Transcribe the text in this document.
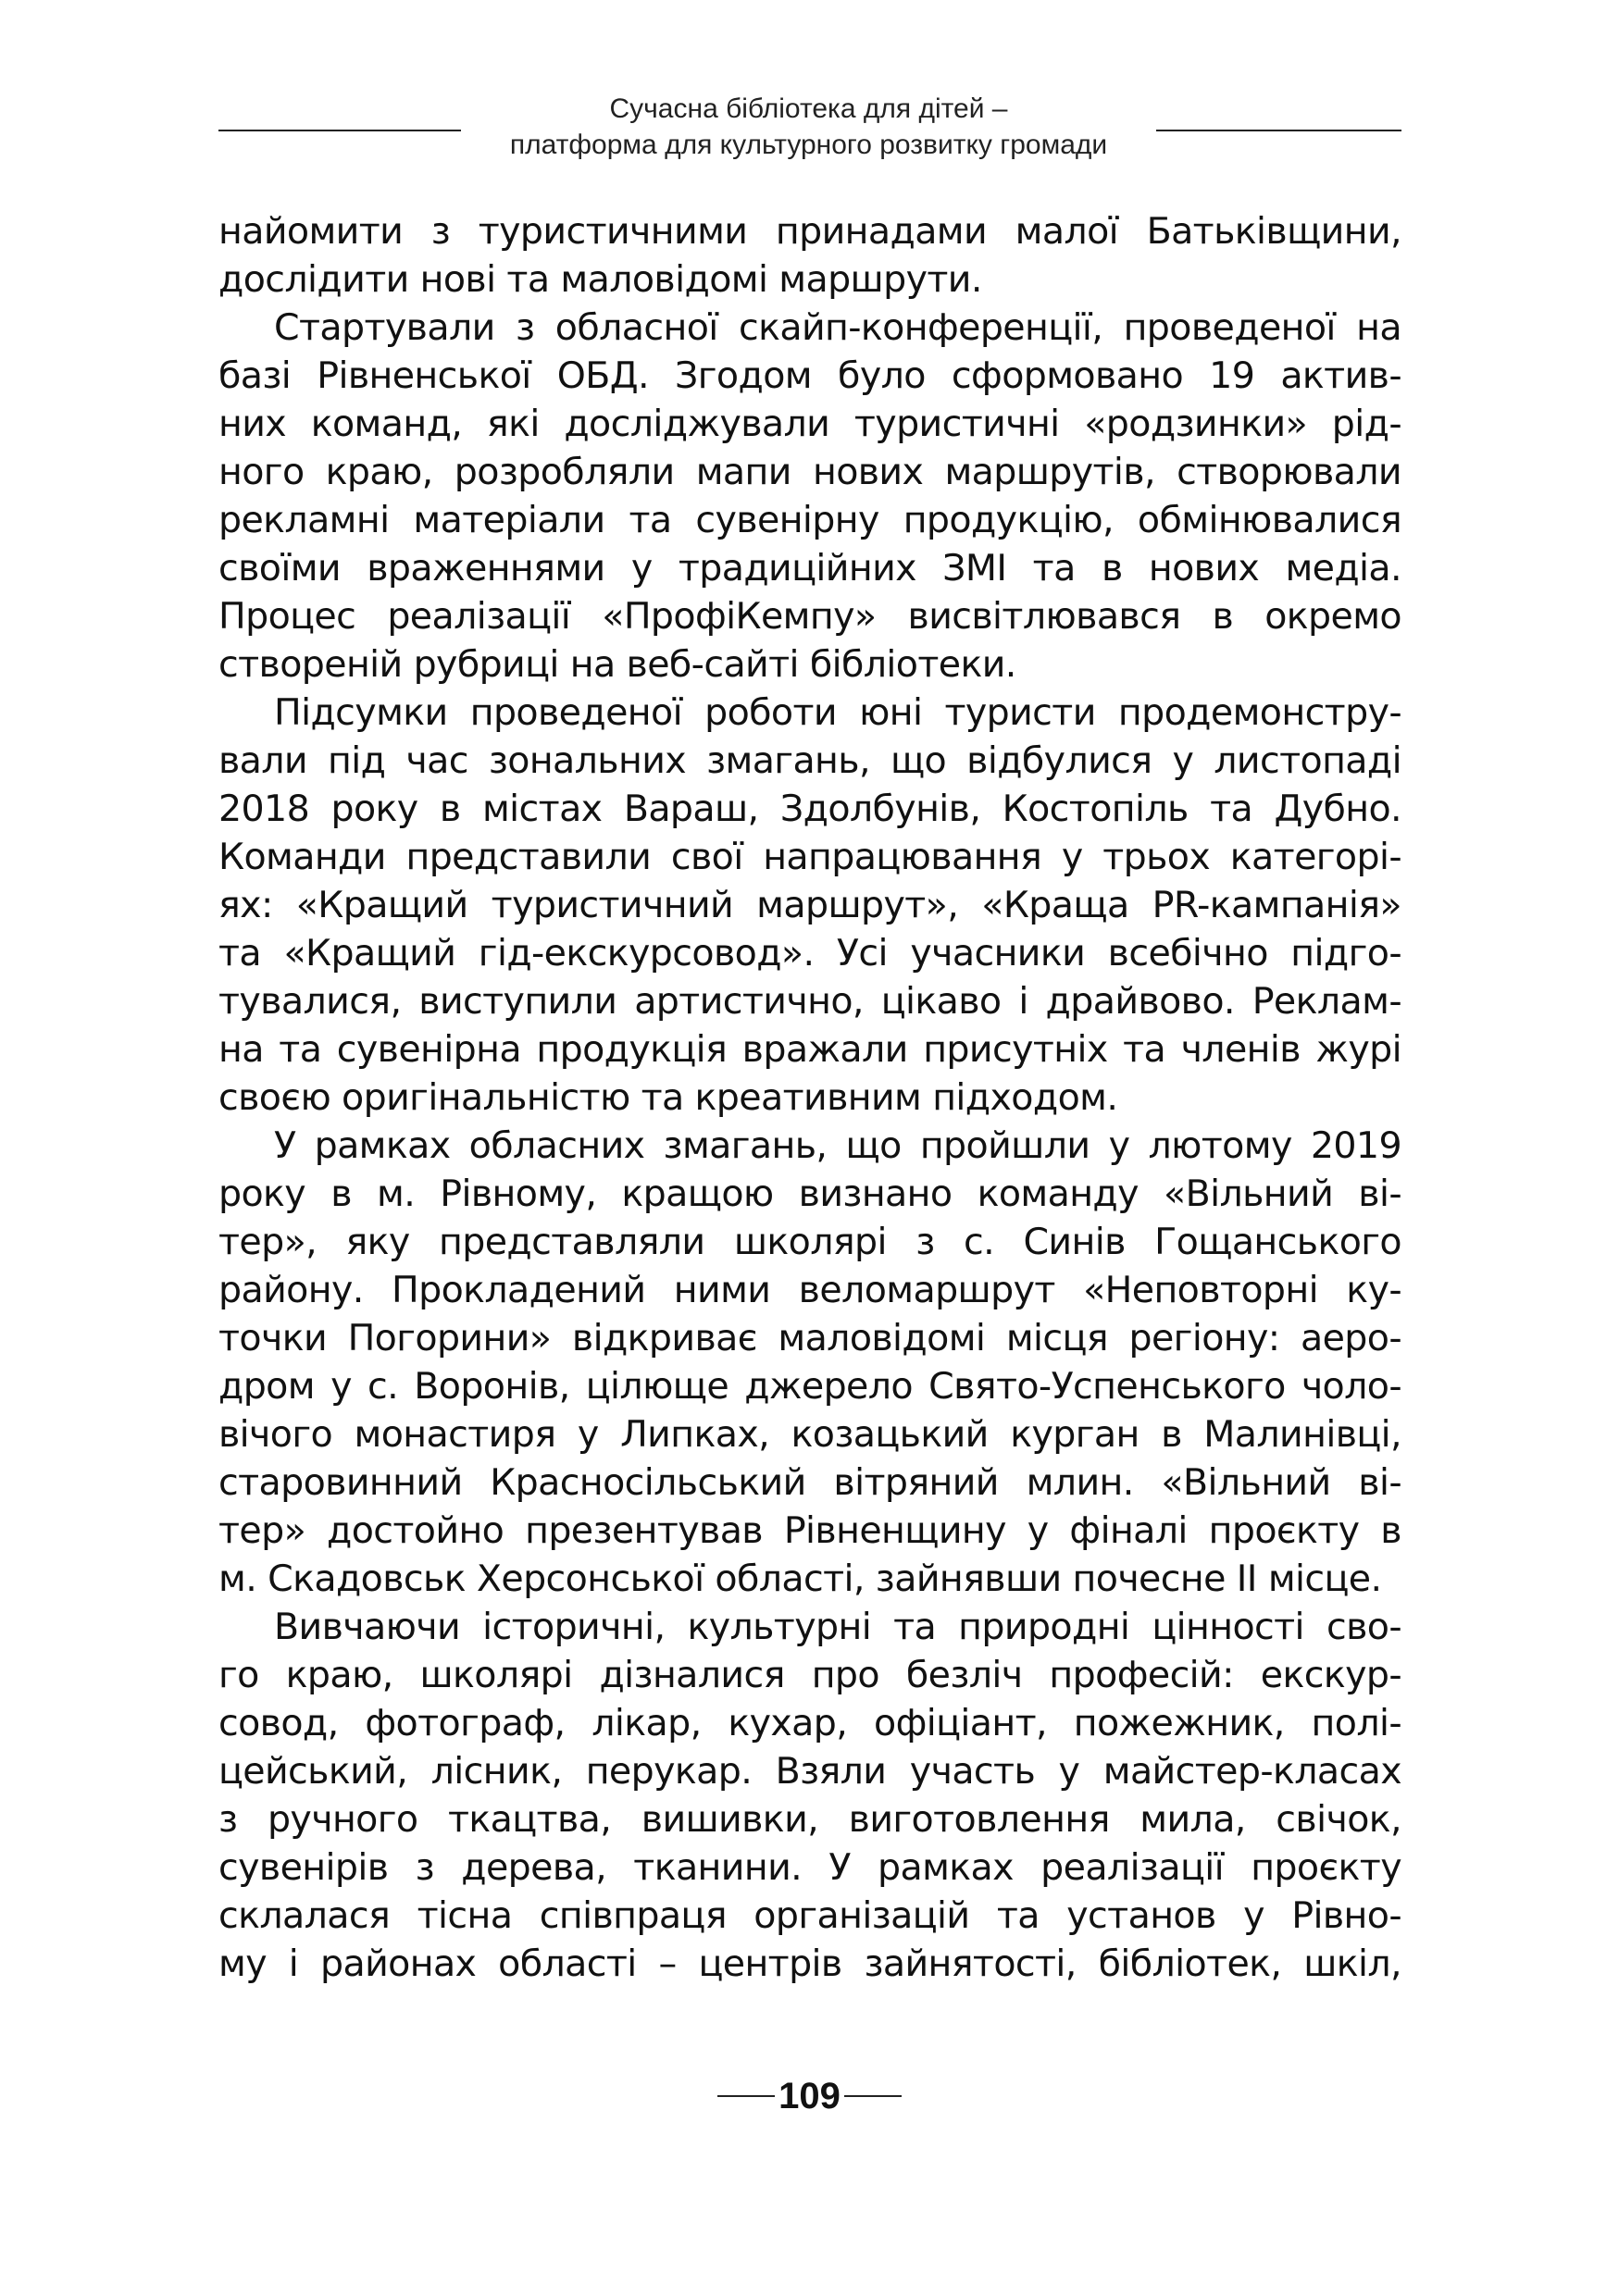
Сучасна бібліотека для дітей –
платформа для культурного розвитку громади
найомити з туристичними принадами малої Батьківщини,
дослідити нові та маловідомі маршрути.
Стартували з обласної скайп-конференції, проведеної на
базі Рівненської ОБД. Згодом було сформовано 19 актив-
них команд, які досліджували туристичні «родзинки» рід-
ного краю, розробляли мапи нових маршрутів, створювали
рекламні матеріали та сувенірну продукцію, обмінювалися
своїми враженнями у традиційних ЗМІ та в нових медіа.
Процес реалізації «ПрофіКемпу» висвітлювався в окремо
створеній рубриці на веб-сайті бібліотеки.
Підсумки проведеної роботи юні туристи продемонстру-
вали під час зональних змагань, що відбулися у листопаді
2018 року в містах Вараш, Здолбунів, Костопіль та Дубно.
Команди представили свої напрацювання у трьох категорі-
ях: «Кращий туристичний маршрут», «Краща PR-кампанія»
та «Кращий гід-екскурсовод». Усі учасники всебічно підго-
тувалися, виступили артистично, цікаво і драйвово. Реклам-
на та сувенірна продукція вражали присутніх та членів журі
своєю оригінальністю та креативним підходом.
У рамках обласних змагань, що пройшли у лютому 2019
року в м. Рівному, кращою визнано команду «Вільний ві-
тер», яку представляли школярі з с. Синів Гощанського
району. Прокладений ними веломаршрут «Неповторні ку-
точки Погорини» відкриває маловідомі місця регіону: аеро-
дром у с. Воронів, цілюще джерело Свято-Успенського чоло-
вічого монастиря у Липках, козацький курган в Малинівці,
старовинний Красносільський вітряний млин. «Вільний ві-
тер» достойно презентував Рівненщину у фіналі проєкту в
м. Скадовськ Херсонської області, зайнявши почесне ІІ місце.
Вивчаючи історичні, культурні та природні цінності сво-
го краю, школярі дізналися про безліч професій: екскур-
совод, фотограф, лікар, кухар, офіціант, пожежник, полі-
цейський, лісник, перукар. Взяли участь у майстер-класах
з ручного ткацтва, вишивки, виготовлення мила, свічок,
сувенірів з дерева, тканини. У рамках реалізації проєкту
склалася тісна співпраця організацій та установ у Рівно-
му і районах області – центрів зайнятості, бібліотек, шкіл,
109
